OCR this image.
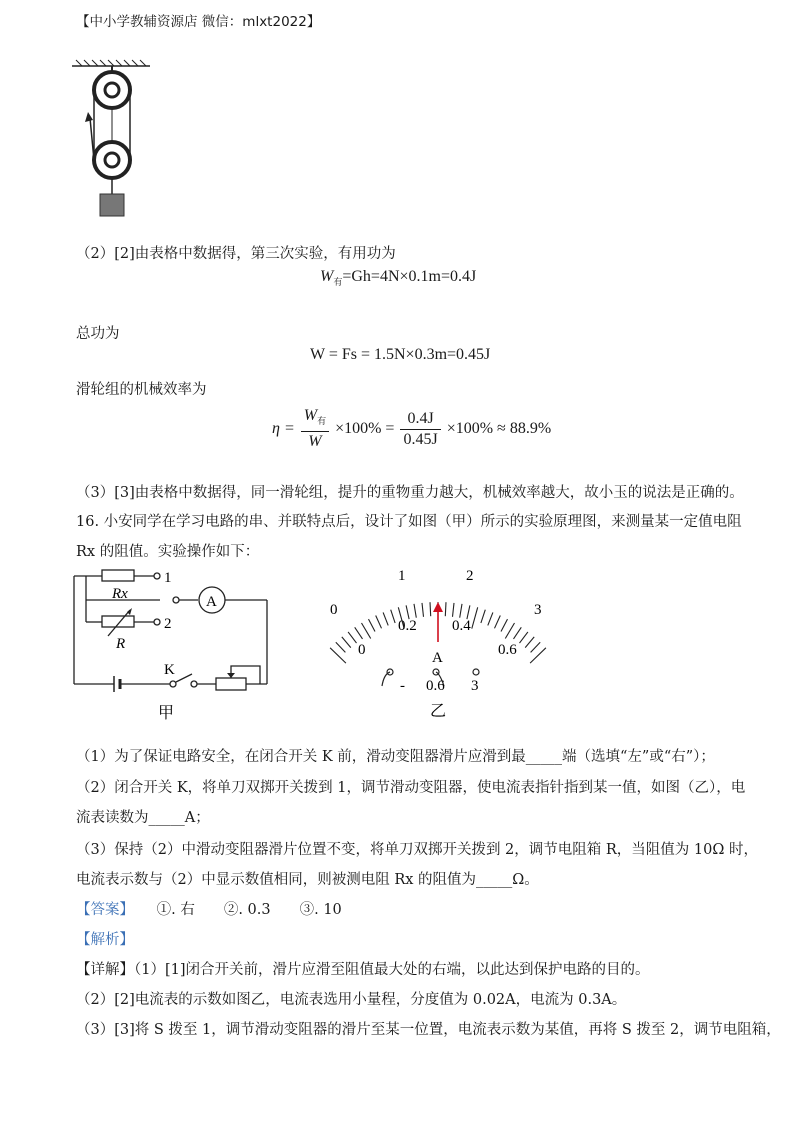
【中小学教辅资源店 微信：mlxt2022】
（2）[2]由表格中数据得，第三次实验，有用功为
$W_有=Gh=4N\times 0.1m=0.4J$
总功为
W = Fs = 1.5N×0.3m=0.45J
滑轮组的机械效率为
$\eta = \frac{W_有}{W} \times 100\% = \frac{0.4J}{0.45J} \times 100\% \approx 88.9\%$
（3）[3]由表格中数据得，同一滑轮组，提升的重物重力越大，机械效率越大，故小玉的说法是正确的。
16. 小安同学在学习电路的串、并联特点后，设计了如图（甲）所示的实验原理图，来测量某一定值电阻
Rx 的阻值。实验操作如下：
1
2
Rx
R
A
K
甲
0
1	2
3
0
0.2 0.4
0.6
A
- 0.6 3
乙
（1）为了保证电路安全，在闭合开关 K 前，滑动变阻器滑片应滑到最_____端（选填“左”或“右”）；
（2）闭合开关 K，将单刀双掷开关拨到 1，调节滑动变阻器，使电流表指针指到某一值，如图（乙），电
流表读数为_____A；
（3）保持（2）中滑动变阻器滑片位置不变，将单刀双掷开关拨到 2，调节电阻箱 R，当阻值为 10Ω 时，
电流表示数与（2）中显示数值相同，则被测电阻 Rx 的阻值为_____Ω。
【答案】 ①. 右　　②. 0.3　　③. 10
【解析】
【详解】（1）[1]闭合开关前，滑片应滑至阻值最大处的右端，以此达到保护电路的目的。
（2）[2]电流表的示数如图乙，电流表选用小量程，分度值为 0.02A，电流为 0.3A。
（3）[3]将 S 拨至 1，调节滑动变阻器的滑片至某一位置，电流表示数为某值，再将 S 拨至 2，调节电阻箱，
